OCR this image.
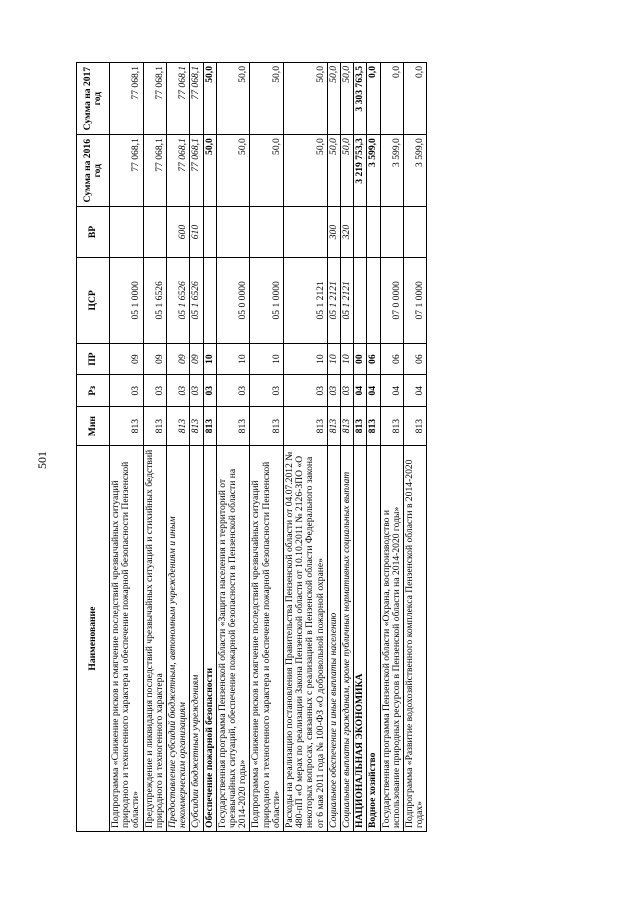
501
Наименование	Мин	Рз	ПР	ЦСР	ВР	Сумма на 2016 год	Сумма на 2017 год
Подпрограмма «Снижение рисков и смягчение последствий чрезвычайных ситуаций природного и техногенного характера и обеспечение пожарной безопасности Пензенской области»	813	03	09	05 1 0000		77 068,1	77 068,1
Предупреждение и ликвидация последствий чрезвычайных ситуаций и стихийных бедствий природного и техногенного характера	813	03	09	05 1 6526		77 068,1	77 068,1
Предоставление субсидий бюджетным, автономным учреждениям и иным некоммерческим организациям	813	03	09	05 1 6526	600	77 068,1	77 068,1
Субсидии бюджетным учреждениям	813	03	09	05 1 6526	610	77 068,1	77 068,1
Обеспечение пожарной безопасности	813	03	10			50,0	50,0
Государственная программа Пензенской области «Защита населения и территорий от чрезвычайных ситуаций, обеспечение пожарной безопасности в Пензенской области на 2014-2020 годы»	813	03	10	05 0 0000		50,0	50,0
Подпрограмма «Снижение рисков и смягчение последствий чрезвычайных ситуаций природного и техногенного характера и обеспечение пожарной безопасности Пензенской области»	813	03	10	05 1 0000		50,0	50,0
Расходы на реализацию постановления Правительства Пензенской области от 04.07.2012 № 480-пП «О мерах по реализации Закона Пензенской области от 10.10.2011 № 2126-ЗПО «О некоторых вопросах, связанных с реализацией в Пензенской области Федерального закона от 6 мая 2011 года № 100-ФЗ «О добровольной пожарной охране»	813	03	10	05 1 2121		50,0	50,0
Социальное обеспечение и иные выплаты населению	813	03	10	05 1 2121	300	50,0	50,0
Социальные выплаты гражданам, кроме публичных нормативных социальных выплат	813	03	10	05 1 2121	320	50,0	50,0
НАЦИОНАЛЬНАЯ ЭКОНОМИКА	813	04	00			3 219 753,3	3 303 763,5
Водное хозяйство	813	04	06			3 599,0	0,0
Государственная программа Пензенской области «Охрана, воспроизводство и использование природных ресурсов в Пензенской области на 2014-2020 годы»	813	04	06	07 0 0000		3 599,0	0,0
Подпрограмма «Развитие водохозяйственного комплекса Пензенской области в 2014-2020 годах»	813	04	06	07 1 0000		3 599,0	0,0
